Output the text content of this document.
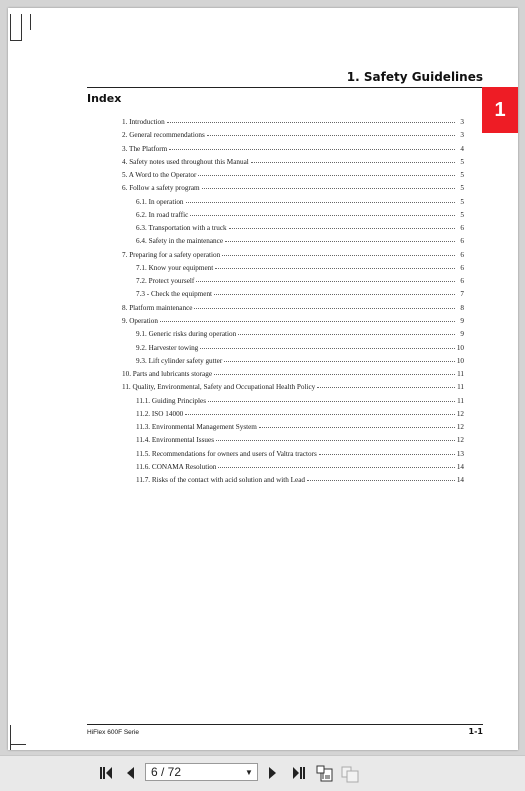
1. Safety Guidelines
Index
1. Introduction	3
2. General recommendations	3
3. The Platform	4
4. Safety notes used throughout this Manual	5
5. A Word to the Operator	5
6. Follow a safety program	5
6.1. In operation	5
6.2. In road traffic	5
6.3. Transportation with a truck	6
6.4. Safety in the maintenance	6
7. Preparing for a safety operation	6
7.1. Know your equipment	6
7.2. Protect yourself	6
7.3 - Check the equipment	7
8. Platform maintenance	8
9. Operation	9
9.1. Generic risks during operation	9
9.2. Harvester towing	10
9.3. Lift cylinder safety gutter	10
10. Parts and lubricants storage	11
11. Quality, Environmental, Safety and Occupational Health Policy	11
11.1. Guiding Principles	11
11.2. ISO 14000	12
11.3. Environmental Management System	12
11.4. Environmental Issues	12
11.5. Recommendations for owners and users of Valtra tractors	13
11.6. CONAMA Resolution	14
11.7. Risks of the contact with acid solution and with Lead	14
HiFlex 600F Serie	1-1
1
6 / 72	▼
